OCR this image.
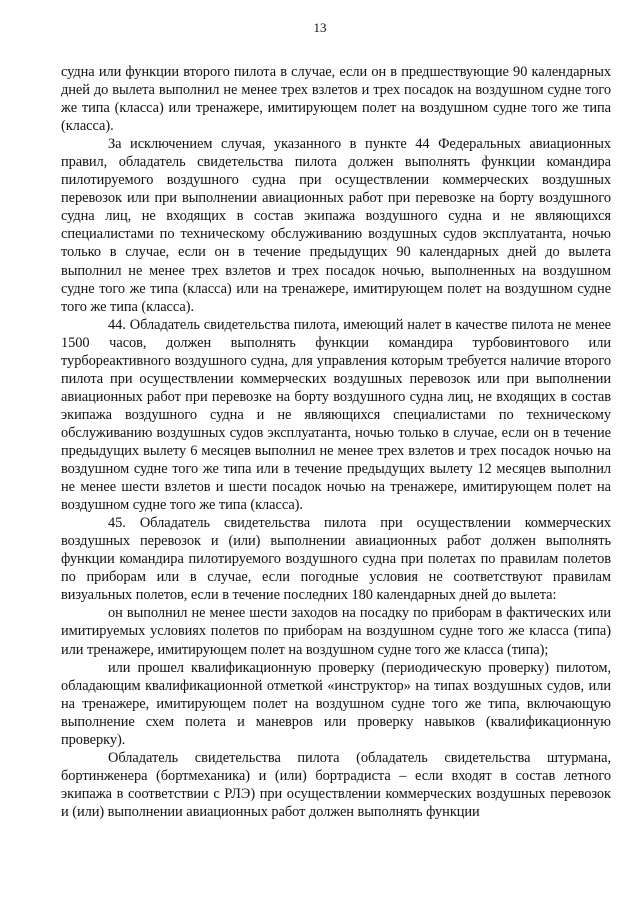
13

судна или функции второго пилота в случае, если он в предшествующие 90 календарных дней до вылета выполнил не менее трех взлетов и трех посадок на воздушном судне того же типа (класса) или тренажере, имитирующем полет на воздушном судне того же типа (класса).

За исключением случая, указанного в пункте 44 Федеральных авиационных правил, обладатель свидетельства пилота должен выполнять функции командира пилотируемого воздушного судна при осуществлении коммерческих воздушных перевозок или при выполнении авиационных работ при перевозке на борту воздушного судна лиц, не входящих в состав экипажа воздушного судна и не являющихся специалистами по техническому обслуживанию воздушных судов эксплуатанта, ночью только в случае, если он в течение предыдущих 90 календарных дней до вылета выполнил не менее трех взлетов и трех посадок ночью, выполненных на воздушном судне того же типа (класса) или на тренажере, имитирующем полет на воздушном судне того же типа (класса).

44. Обладатель свидетельства пилота, имеющий налет в качестве пилота не менее 1500 часов, должен выполнять функции командира турбовинтового или турбореактивного воздушного судна, для управления которым требуется наличие второго пилота при осуществлении коммерческих воздушных перевозок или при выполнении авиационных работ при перевозке на борту воздушного судна лиц, не входящих в состав экипажа воздушного судна и не являющихся специалистами по техническому обслуживанию воздушных судов эксплуатанта, ночью только в случае, если он в течение предыдущих вылету 6 месяцев выполнил не менее трех взлетов и трех посадок ночью на воздушном судне того же типа или в течение предыдущих вылету 12 месяцев выполнил не менее шести взлетов и шести посадок ночью на тренажере, имитирующем полет на воздушном судне того же типа (класса).

45. Обладатель свидетельства пилота при осуществлении коммерческих воздушных перевозок и (или) выполнении авиационных работ должен выполнять функции командира пилотируемого воздушного судна при полетах по правилам полетов по приборам или в случае, если погодные условия не соответствуют правилам визуальных полетов, если в течение последних 180 календарных дней до вылета:

он выполнил не менее шести заходов на посадку по приборам в фактических или имитируемых условиях полетов по приборам на воздушном судне того же класса (типа) или тренажере, имитирующем полет на воздушном судне того же класса (типа);

или прошел квалификационную проверку (периодическую проверку) пилотом, обладающим квалификационной отметкой «инструктор» на типах воздушных судов, или на тренажере, имитирующем полет на воздушном судне того же типа, включающую выполнение схем полета и маневров или проверку навыков (квалификационную проверку).

Обладатель свидетельства пилота (обладатель свидетельства штурмана, бортинженера (бортмеханика) и (или) бортрадиста – если входят в состав летного экипажа в соответствии с РЛЭ) при осуществлении коммерческих воздушных перевозок и (или) выполнении авиационных работ должен выполнять функции
